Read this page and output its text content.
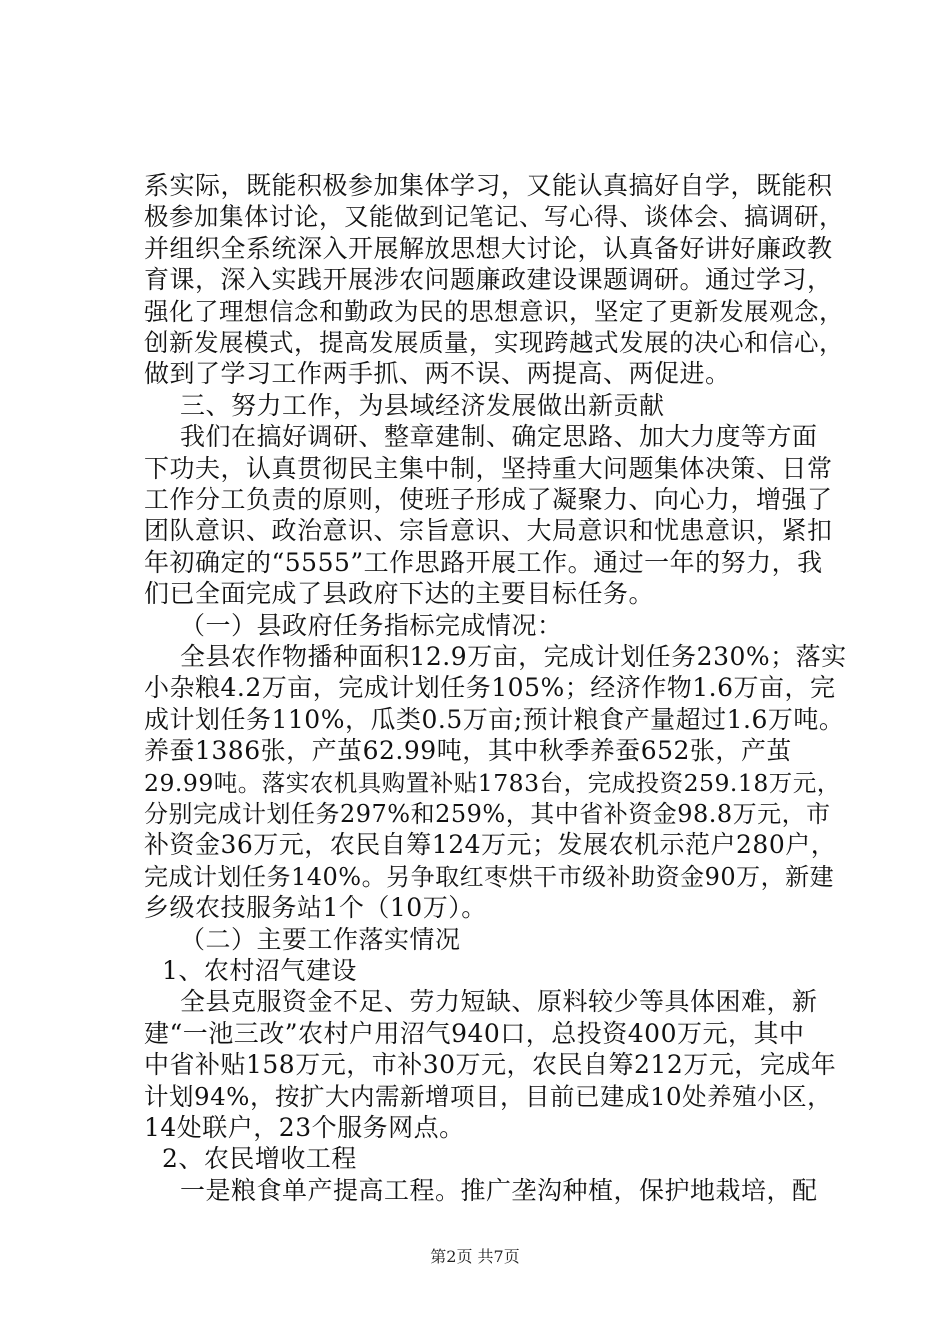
系实际，既能积极参加集体学习，又能认真搞好自学，既能积
极参加集体讨论，又能做到记笔记、写心得、谈体会、搞调研，
并组织全系统深入开展解放思想大讨论，认真备好讲好廉政教
育课，深入实践开展涉农问题廉政建设课题调研。通过学习，
强化了理想信念和勤政为民的思想意识，坚定了更新发展观念，
创新发展模式，提高发展质量，实现跨越式发展的决心和信心，
做到了学习工作两手抓、两不误、两提高、两促进。
三、努力工作，为县域经济发展做出新贡献
我们在搞好调研、整章建制、确定思路、加大力度等方面
下功夫，认真贯彻民主集中制，坚持重大问题集体决策、日常
工作分工负责的原则，使班子形成了凝聚力、向心力，增强了
团队意识、政治意识、宗旨意识、大局意识和忧患意识，紧扣
年初确定的“5555”工作思路开展工作。通过一年的努力，我
们已全面完成了县政府下达的主要目标任务。
（一）县政府任务指标完成情况：
全县农作物播种面积12.9万亩，完成计划任务230%；落实
小杂粮4.2万亩，完成计划任务105%；经济作物1.6万亩，完
成计划任务110%，瓜类0.5万亩;预计粮食产量超过1.6万吨。
养蚕1386张，产茧62.99吨，其中秋季养蚕652张，产茧
29.99吨。落实农机具购置补贴1783台，完成投资259.18万元，
分别完成计划任务297%和259%，其中省补资金98.8万元，市
补资金36万元，农民自筹124万元；发展农机示范户280户，
完成计划任务140%。另争取红枣烘干市级补助资金90万，新建
乡级农技服务站1个（10万）。
（二）主要工作落实情况
1、农村沼气建设
全县克服资金不足、劳力短缺、原料较少等具体困难，新
建“一池三改”农村户用沼气940口，总投资400万元，其中
中省补贴158万元，市补30万元，农民自筹212万元，完成年
计划94%，按扩大内需新增项目，目前已建成10处养殖小区，
14处联户，23个服务网点。
2、农民增收工程
一是粮食单产提高工程。推广垄沟种植，保护地栽培，配
第2页 共7页
